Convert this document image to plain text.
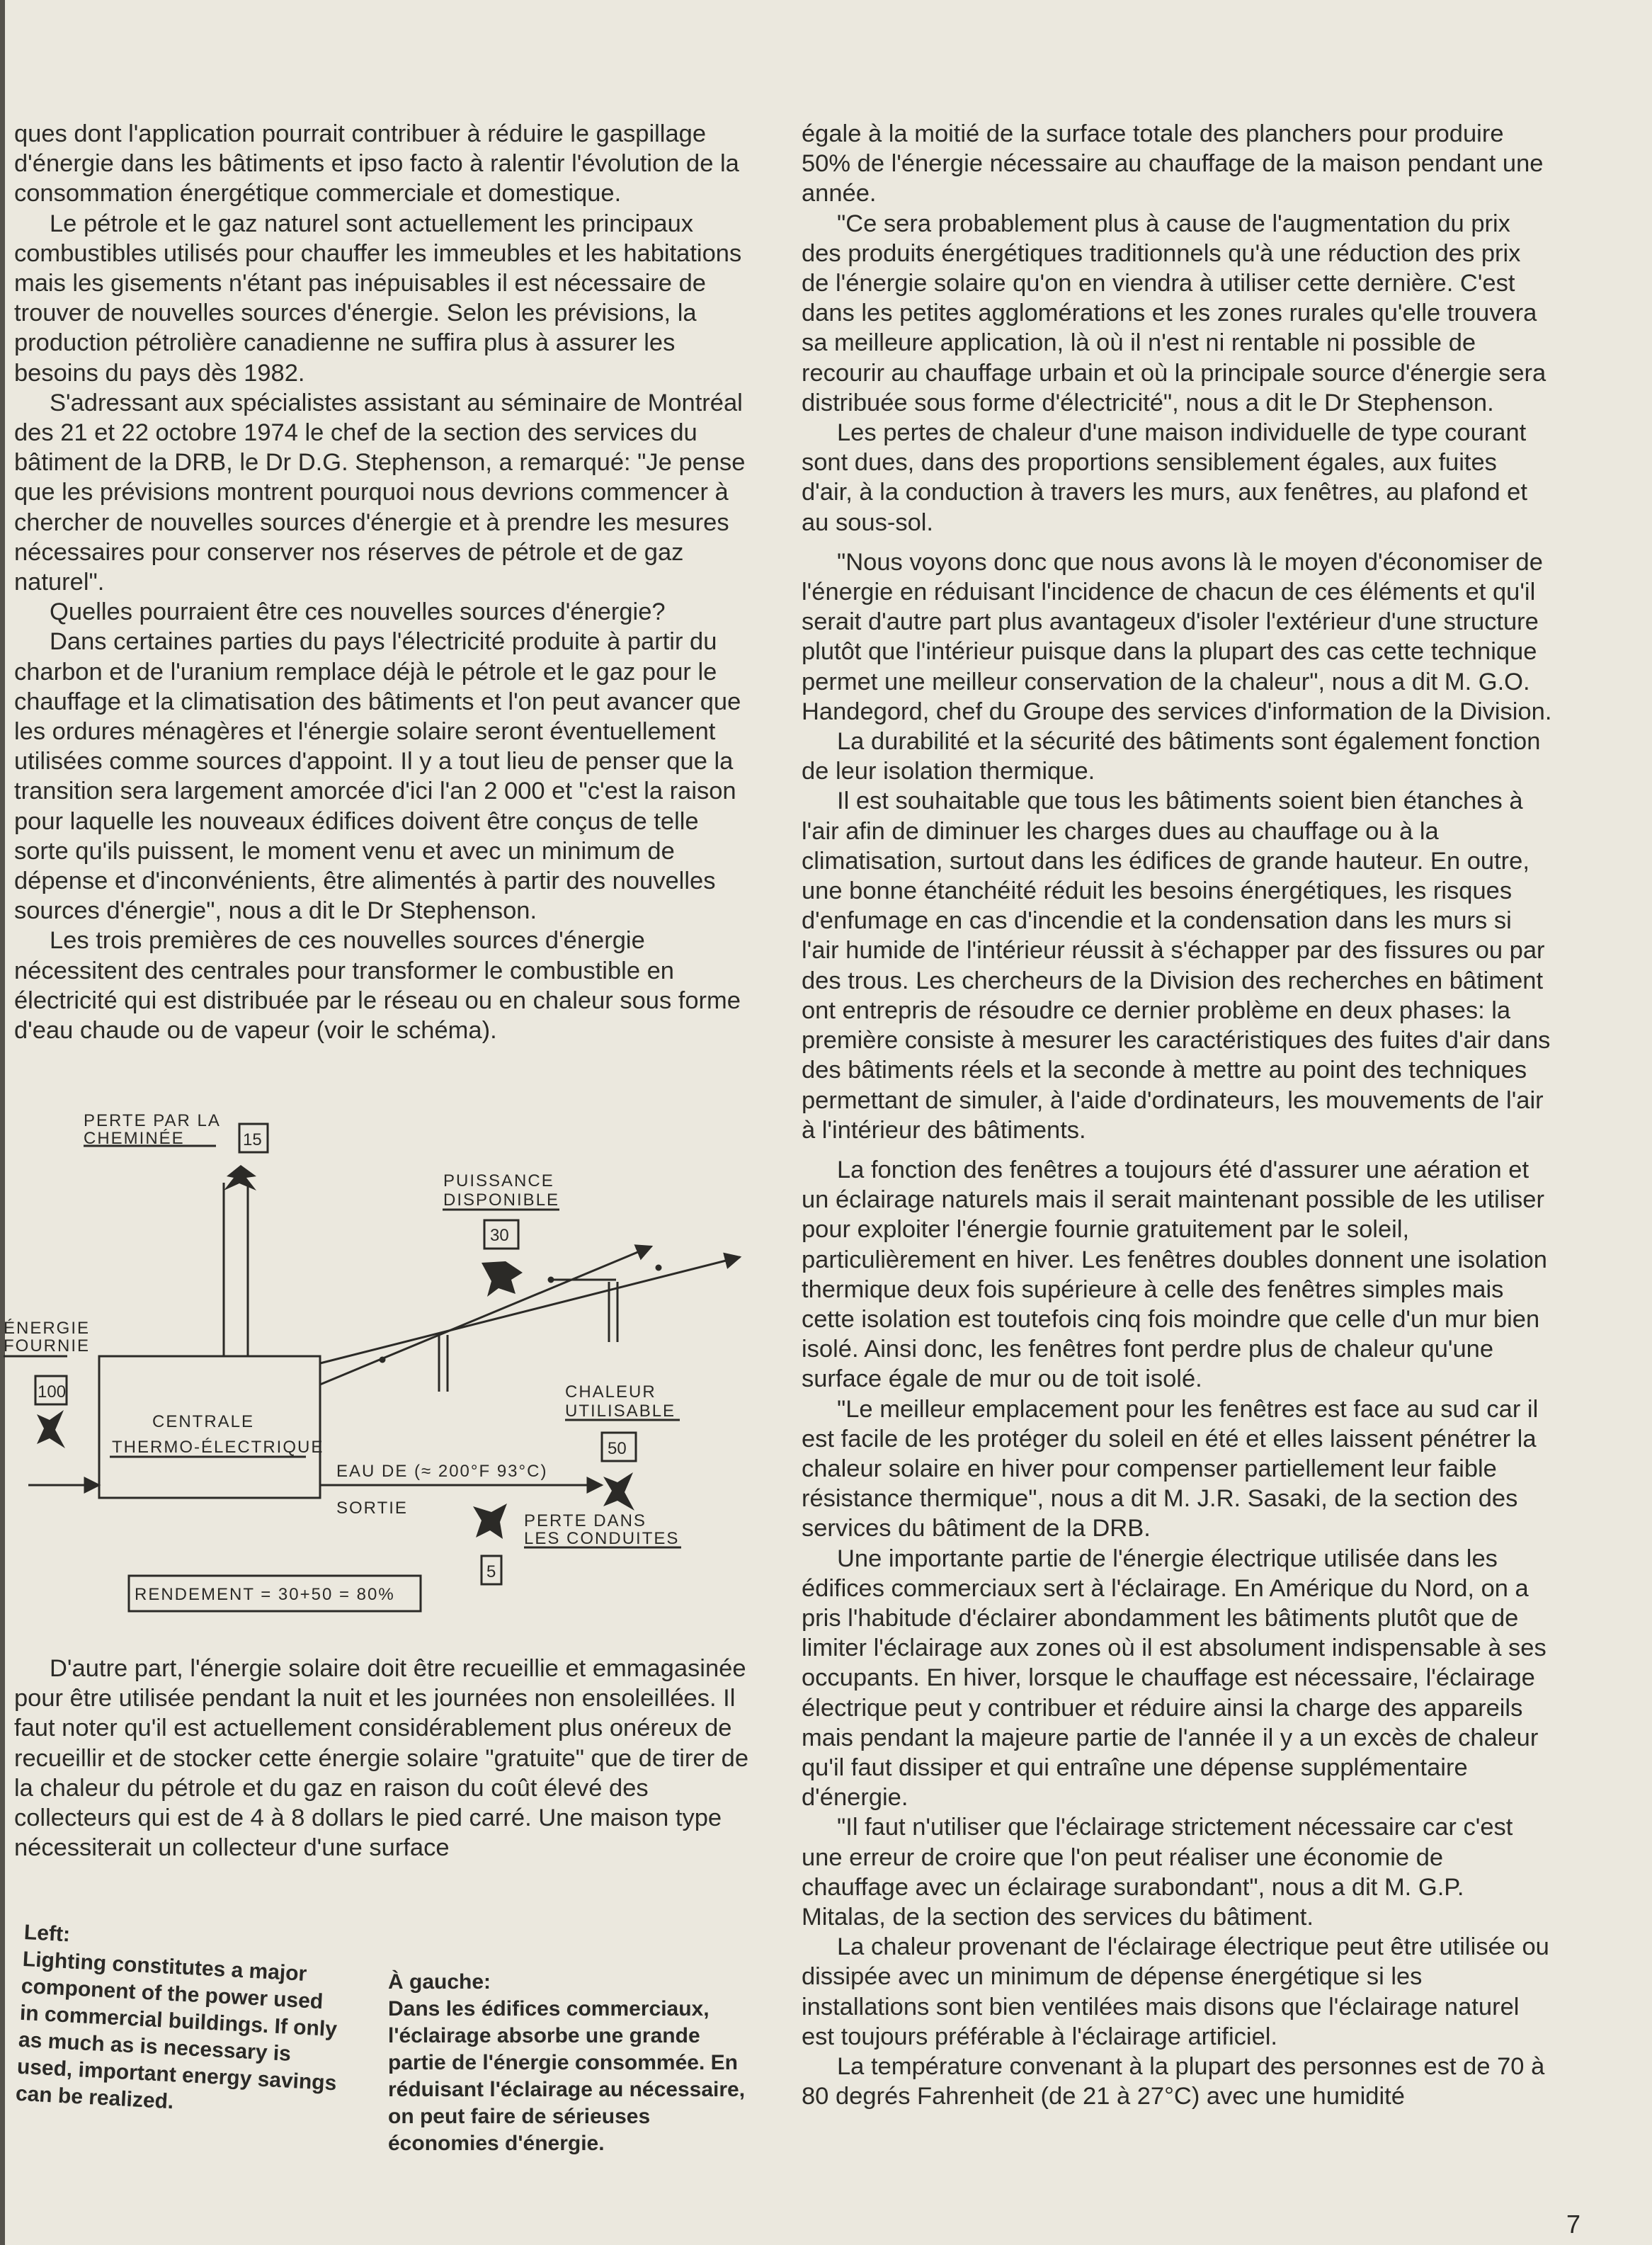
ques dont l'application pourrait contribuer à réduire le gaspillage d'énergie dans les bâtiments et ipso facto à ralentir l'évolution de la consommation énergétique commerciale et domestique.

Le pétrole et le gaz naturel sont actuellement les principaux combustibles utilisés pour chauffer les immeubles et les habitations mais les gisements n'étant pas inépuisables il est nécessaire de trouver de nouvelles sources d'énergie. Selon les prévisions, la production pétrolière canadienne ne suffira plus à assurer les besoins du pays dès 1982.

S'adressant aux spécialistes assistant au séminaire de Montréal des 21 et 22 octobre 1974 le chef de la section des services du bâtiment de la DRB, le Dr D.G. Stephenson, a remarqué: "Je pense que les prévisions montrent pourquoi nous devrions commencer à chercher de nouvelles sources d'énergie et à prendre les mesures nécessaires pour conserver nos réserves de pétrole et de gaz naturel".

Quelles pourraient être ces nouvelles sources d'énergie?

Dans certaines parties du pays l'électricité produite à partir du charbon et de l'uranium remplace déjà le pétrole et le gaz pour le chauffage et la climatisation des bâtiments et l'on peut avancer que les ordures ménagères et l'énergie solaire seront éventuellement utilisées comme sources d'appoint. Il y a tout lieu de penser que la transition sera largement amorcée d'ici l'an 2 000 et "c'est la raison pour laquelle les nouveaux édifices doivent être conçus de telle sorte qu'ils puissent, le moment venu et avec un minimum de dépense et d'inconvénients, être alimentés à partir des nouvelles sources d'énergie", nous a dit le Dr Stephenson.

Les trois premières de ces nouvelles sources d'énergie nécessitent des centrales pour transformer le combustible en électricité qui est distribuée par le réseau ou en chaleur sous forme d'eau chaude ou de vapeur (voir le schéma).

PERTE PAR LA
CHEMINÉE	15
PUISSANCE
DISPONIBLE
30
ÉNERGIE
FOURNIE
100
CENTRALE
THERMO-ÉLECTRIQUE
CHALEUR
UTILISABLE
50
EAU DE (≈ 200°F 93°C)
SORTIE
PERTE DANS
LES CONDUITES
5
RENDEMENT = 30+50 = 80%

D'autre part, l'énergie solaire doit être recueillie et emmagasinée pour être utilisée pendant la nuit et les journées non ensoleillées. Il faut noter qu'il est actuellement considérablement plus onéreux de recueillir et de stocker cette énergie solaire "gratuite" que de tirer de la chaleur du pétrole et du gaz en raison du coût élevé des collecteurs qui est de 4 à 8 dollars le pied carré. Une maison type nécessiterait un collecteur d'une surface

Left:
Lighting constitutes a major component of the power used in commercial buildings. If only as much as is necessary is used, important energy savings can be realized.
À gauche:
Dans les édifices commerciaux, l'éclairage absorbe une grande partie de l'énergie consommée. En réduisant l'éclairage au nécessaire, on peut faire de sérieuses économies d'énergie.

égale à la moitié de la surface totale des planchers pour produire 50% de l'énergie nécessaire au chauffage de la maison pendant une année.

"Ce sera probablement plus à cause de l'augmentation du prix des produits énergétiques traditionnels qu'à une réduction des prix de l'énergie solaire qu'on en viendra à utiliser cette dernière. C'est dans les petites agglomérations et les zones rurales qu'elle trouvera sa meilleure application, là où il n'est ni rentable ni possible de recourir au chauffage urbain et où la principale source d'énergie sera distribuée sous forme d'électricité", nous a dit le Dr Stephenson.

Les pertes de chaleur d'une maison individuelle de type courant sont dues, dans des proportions sensiblement égales, aux fuites d'air, à la conduction à travers les murs, aux fenêtres, au plafond et au sous-sol.

"Nous voyons donc que nous avons là le moyen d'économiser de l'énergie en réduisant l'incidence de chacun de ces éléments et qu'il serait d'autre part plus avantageux d'isoler l'extérieur d'une structure plutôt que l'intérieur puisque dans la plupart des cas cette technique permet une meilleur conservation de la chaleur", nous a dit M. G.O. Handegord, chef du Groupe des services d'information de la Division.

La durabilité et la sécurité des bâtiments sont également fonction de leur isolation thermique.

Il est souhaitable que tous les bâtiments soient bien étanches à l'air afin de diminuer les charges dues au chauffage ou à la climatisation, surtout dans les édifices de grande hauteur. En outre, une bonne étanchéité réduit les besoins énergétiques, les risques d'enfumage en cas d'incendie et la condensation dans les murs si l'air humide de l'intérieur réussit à s'échapper par des fissures ou par des trous. Les chercheurs de la Division des recherches en bâtiment ont entrepris de résoudre ce dernier problème en deux phases: la première consiste à mesurer les caractéristiques des fuites d'air dans des bâtiments réels et la seconde à mettre au point des techniques permettant de simuler, à l'aide d'ordinateurs, les mouvements de l'air à l'intérieur des bâtiments.

La fonction des fenêtres a toujours été d'assurer une aération et un éclairage naturels mais il serait maintenant possible de les utiliser pour exploiter l'énergie fournie gratuitement par le soleil, particulièrement en hiver. Les fenêtres doubles donnent une isolation thermique deux fois supérieure à celle des fenêtres simples mais cette isolation est toutefois cinq fois moindre que celle d'un mur bien isolé. Ainsi donc, les fenêtres font perdre plus de chaleur qu'une surface égale de mur ou de toit isolé.

"Le meilleur emplacement pour les fenêtres est face au sud car il est facile de les protéger du soleil en été et elles laissent pénétrer la chaleur solaire en hiver pour compenser partiellement leur faible résistance thermique", nous a dit M. J.R. Sasaki, de la section des services du bâtiment de la DRB.

Une importante partie de l'énergie électrique utilisée dans les édifices commerciaux sert à l'éclairage. En Amérique du Nord, on a pris l'habitude d'éclairer abondamment les bâtiments plutôt que de limiter l'éclairage aux zones où il est absolument indispensable à ses occupants. En hiver, lorsque le chauffage est nécessaire, l'éclairage électrique peut y contribuer et réduire ainsi la charge des appareils mais pendant la majeure partie de l'année il y a un excès de chaleur qu'il faut dissiper et qui entraîne une dépense supplémentaire d'énergie.

"Il faut n'utiliser que l'éclairage strictement nécessaire car c'est une erreur de croire que l'on peut réaliser une économie de chauffage avec un éclairage surabondant", nous a dit M. G.P. Mitalas, de la section des services du bâtiment.

La chaleur provenant de l'éclairage électrique peut être utilisée ou dissipée avec un minimum de dépense énergétique si les installations sont bien ventilées mais disons que l'éclairage naturel est toujours préférable à l'éclairage artificiel.

La température convenant à la plupart des personnes est de 70 à 80 degrés Fahrenheit (de 21 à 27°C) avec une humidité

7
